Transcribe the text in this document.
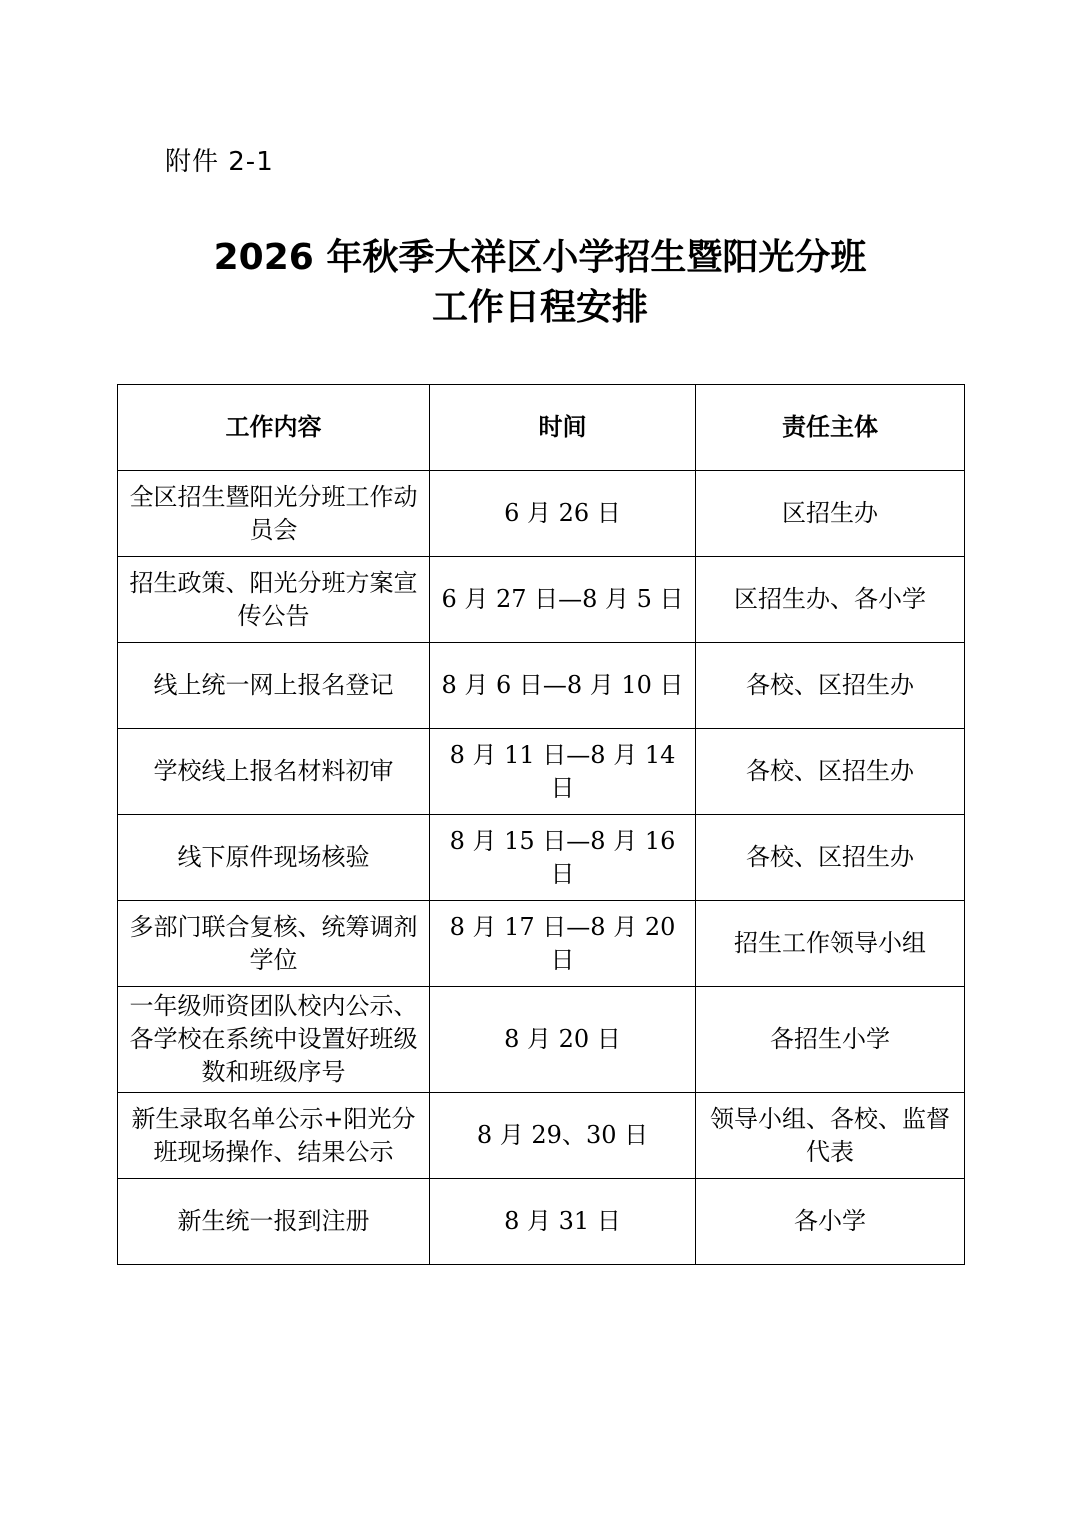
附件 2-1
2026 年秋季大祥区小学招生暨阳光分班
工作日程安排
工作内容	时间	责任主体
全区招生暨阳光分班工作动员会	6 月 26 日	区招生办
招生政策、阳光分班方案宣传公告	6 月 27 日—8 月 5 日	区招生办、各小学
线上统一网上报名登记	8 月 6 日—8 月 10 日	各校、区招生办
学校线上报名材料初审	8 月 11 日—8 月 14 日	各校、区招生办
线下原件现场核验	8 月 15 日—8 月 16 日	各校、区招生办
多部门联合复核、统筹调剂学位	8 月 17 日—8 月 20 日	招生工作领导小组
一年级师资团队校内公示、各学校在系统中设置好班级数和班级序号	8 月 20 日	各招生小学
新生录取名单公示+阳光分班现场操作、结果公示	8 月 29、30 日	领导小组、各校、监督代表
新生统一报到注册	8 月 31 日	各小学
